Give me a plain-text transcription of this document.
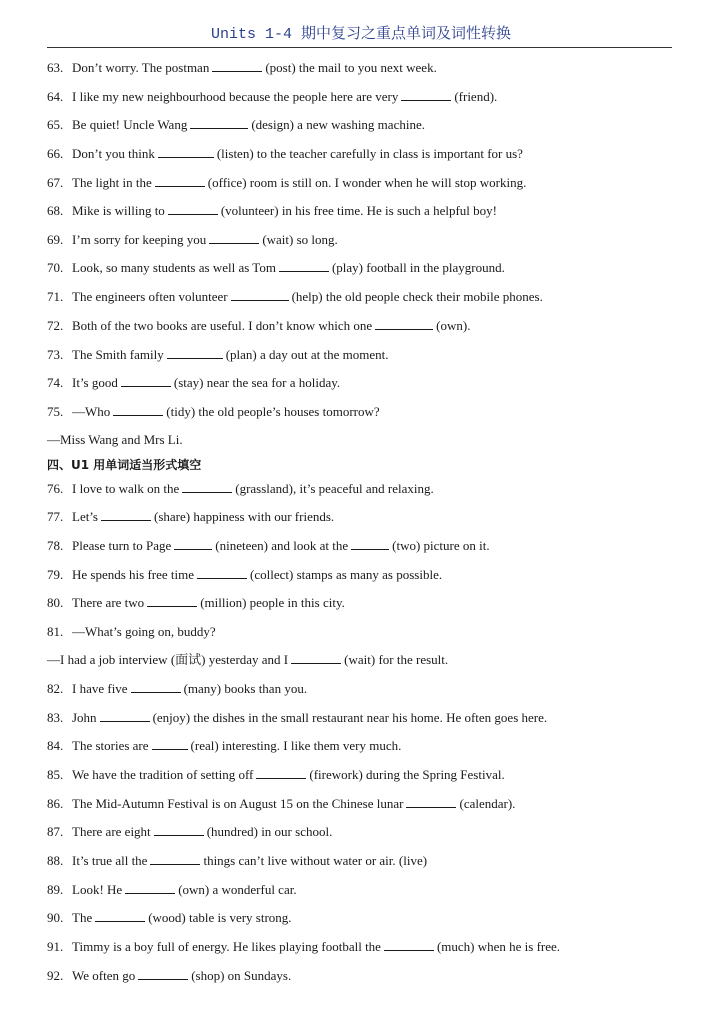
Units 1-4 期中复习之重点单词及词性转换
63. Don’t worry. The postman	(post) the mail to you next week.
64. I like my new neighbourhood because the people here are very	(friend).
65. Be quiet! Uncle Wang	(design) a new washing machine.
66. Don’t you think	(listen) to the teacher carefully in class is important for us?
67. The light in the	(office) room is still on. I wonder when he will stop working.
68. Mike is willing to	(volunteer) in his free time. He is such a helpful boy!
69. I’m sorry for keeping you	(wait) so long.
70. Look, so many students as well as Tom	(play) football in the playground.
71. The engineers often volunteer	(help) the old people check their mobile phones.
72. Both of the two books are useful. I don’t know which one	(own).
73. The Smith family	(plan) a day out at the moment.
74. It’s good	(stay) near the sea for a holiday.
75. —Who	(tidy) the old people’s houses tomorrow?
—Miss Wang and Mrs Li.
四、U1 用单词适当形式填空
76. I love to walk on the	(grassland), it’s peaceful and relaxing.
77. Let’s	(share) happiness with our friends.
78. Please turn to Page	(nineteen) and look at the	(two) picture on it.
79. He spends his free time	(collect) stamps as many as possible.
80. There are two	(million) people in this city.
81. —What’s going on, buddy?
—I had a job interview (面试) yesterday and I	(wait) for the result.
82. I have five	(many) books than you.
83. John	(enjoy) the dishes in the small restaurant near his home. He often goes here.
84. The stories are	(real) interesting. I like them very much.
85. We have the tradition of setting off	(firework) during the Spring Festival.
86. The Mid-Autumn Festival is on August 15 on the Chinese lunar	(calendar).
87. There are eight	(hundred) in our school.
88. It’s true all the	things can’t live without water or air. (live)
89. Look! He	(own) a wonderful car.
90. The	(wood) table is very strong.
91. Timmy is a boy full of energy. He likes playing football the	(much) when he is free.
92. We often go	(shop) on Sundays.
